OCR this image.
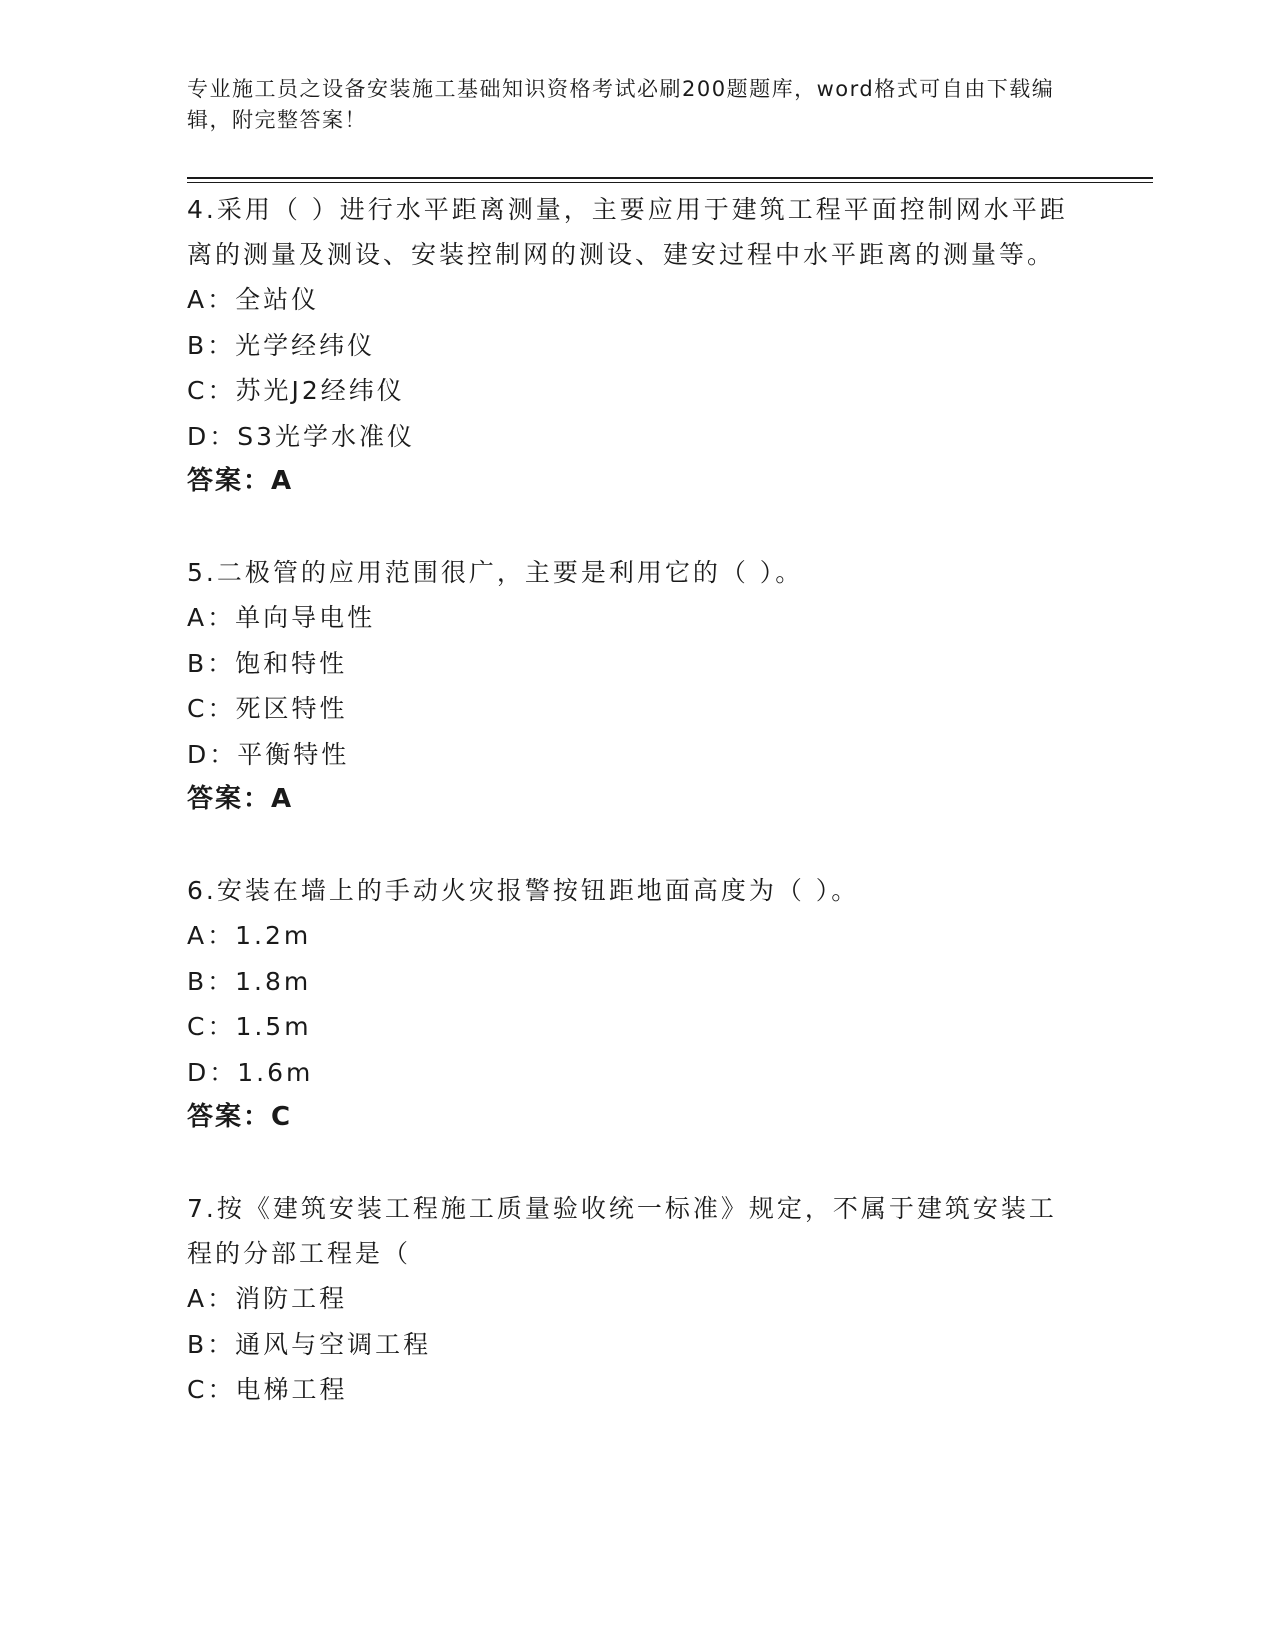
专业施工员之设备安装施工基础知识资格考试必刷200题题库，word格式可自由下载编辑，附完整答案！
4.采用（ ）进行水平距离测量，主要应用于建筑工程平面控制网水平距离的测量及测设、安装控制网的测设、建安过程中水平距离的测量等。
A：全站仪
B：光学经纬仪
C：苏光J2经纬仪
D：S3光学水准仪
答案：A
5.二极管的应用范围很广，主要是利用它的（ ）。
A：单向导电性
B：饱和特性
C：死区特性
D：平衡特性
答案：A
6.安装在墙上的手动火灾报警按钮距地面高度为（ ）。
A：1.2m
B：1.8m
C：1.5m
D：1.6m
答案：C
7.按《建筑安装工程施工质量验收统一标准》规定，不属于建筑安装工程的分部工程是（
A：消防工程
B：通风与空调工程
C：电梯工程
